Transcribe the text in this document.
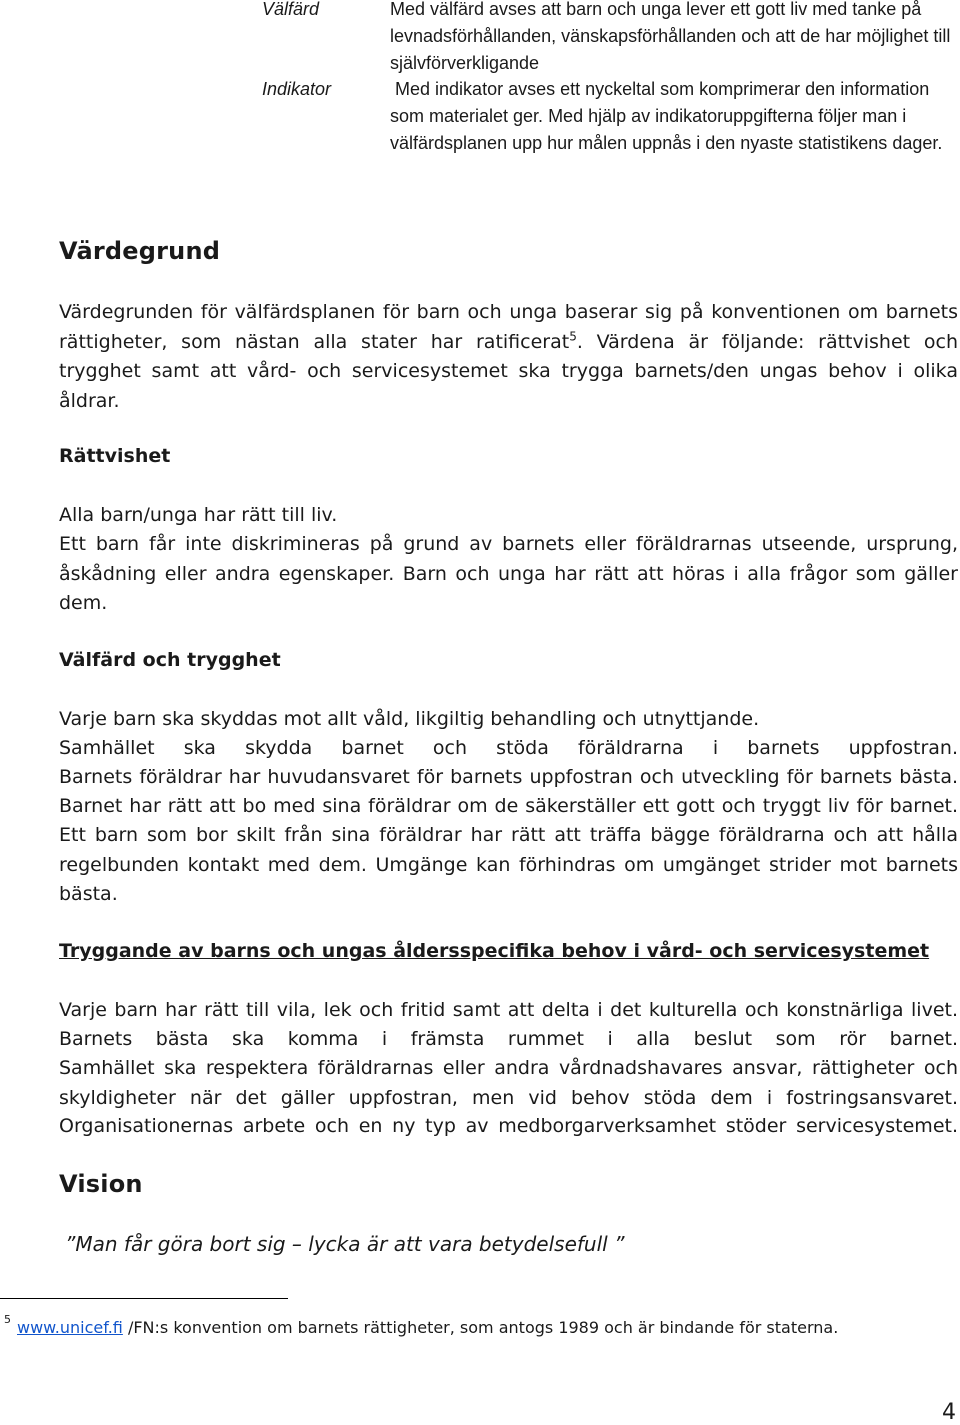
Välfärd	Med välfärd avses att barn och unga lever ett gott liv med tanke på levnadsförhållanden, vänskapsförhållanden och att de har möjlighet till självförverkligande
Indikator	Med indikator avses ett nyckeltal som komprimerar den information som materialet ger. Med hjälp av indikatoruppgifterna följer man i välfärdsplanen upp hur målen uppnås i den nyaste statistikens dager.
Värdegrund
Värdegrunden för välfärdsplanen för barn och unga baserar sig på konventionen om barnets rättigheter, som nästan alla stater har ratificerat$^5$. Värdena är följande: rättvishet och trygghet samt att vård- och servicesystemet ska trygga barnets/den ungas behov i olika åldrar.
Rättvishet
Alla barn/unga har rätt till liv.
Ett barn får inte diskrimineras på grund av barnets eller föräldrarnas utseende, ursprung, åskådning eller andra egenskaper. Barn och unga har rätt att höras i alla frågor som gäller dem.
Välfärd och trygghet
Varje barn ska skyddas mot allt våld, likgiltig behandling och utnyttjande.
Samhället ska skydda barnet och stöda föräldrarna i barnets uppfostran.
Barnets föräldrar har huvudansvaret för barnets uppfostran och utveckling för barnets bästa.
Barnet har rätt att bo med sina föräldrar om de säkerställer ett gott och tryggt liv för barnet.
Ett barn som bor skilt från sina föräldrar har rätt att träffa bägge föräldrarna och att hålla regelbunden kontakt med dem. Umgänge kan förhindras om umgänget strider mot barnets bästa.
Tryggande av barns och ungas åldersspecifika behov i vård- och servicesystemet
Varje barn har rätt till vila, lek och fritid samt att delta i det kulturella och konstnärliga livet.
Barnets bästa ska komma i främsta rummet i alla beslut som rör barnet.
Samhället ska respektera föräldrarnas eller andra vårdnadshavares ansvar, rättigheter och skyldigheter när det gäller uppfostran, men vid behov stöda dem i fostringsansvaret.
Organisationernas arbete och en ny typ av medborgarverksamhet stöder servicesystemet.
Vision
”Man får göra bort sig – lycka är att vara betydelsefull ”
$^5$ www.unicef.fi /FN:s konvention om barnets rättigheter, som antogs 1989 och är bindande för staterna.
4
